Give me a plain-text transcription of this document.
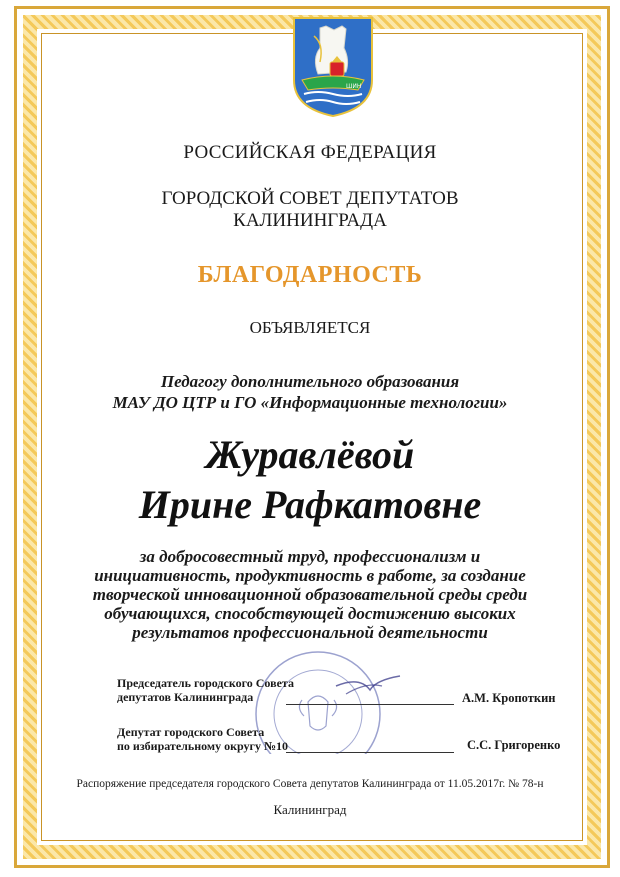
ШИН
РОССИЙСКАЯ ФЕДЕРАЦИЯ
ГОРОДСКОЙ СОВЕТ ДЕПУТАТОВ
КАЛИНИНГРАДА
БЛАГОДАРНОСТЬ
ОБЪЯВЛЯЕТСЯ
Педагогу дополнительного образования
МАУ ДО ЦТР и ГО «Информационные технологии»
Журавлёвой
Ирине Рафкатовне
за добросовестный труд, профессионализм и
инициативность, продуктивность в работе, за создание
творческой инновационной образовательной среды среди
обучающихся, способствующей достижению высоких
результатов профессиональной деятельности
Председатель городского Совета
депутатов Калининграда	А.М. Кропоткин
Депутат городского Совета
по избирательному округу №10	С.С. Григоренко
Распоряжение председателя городского Совета депутатов Калининграда от 11.05.2017г. № 78-н
Калининград
